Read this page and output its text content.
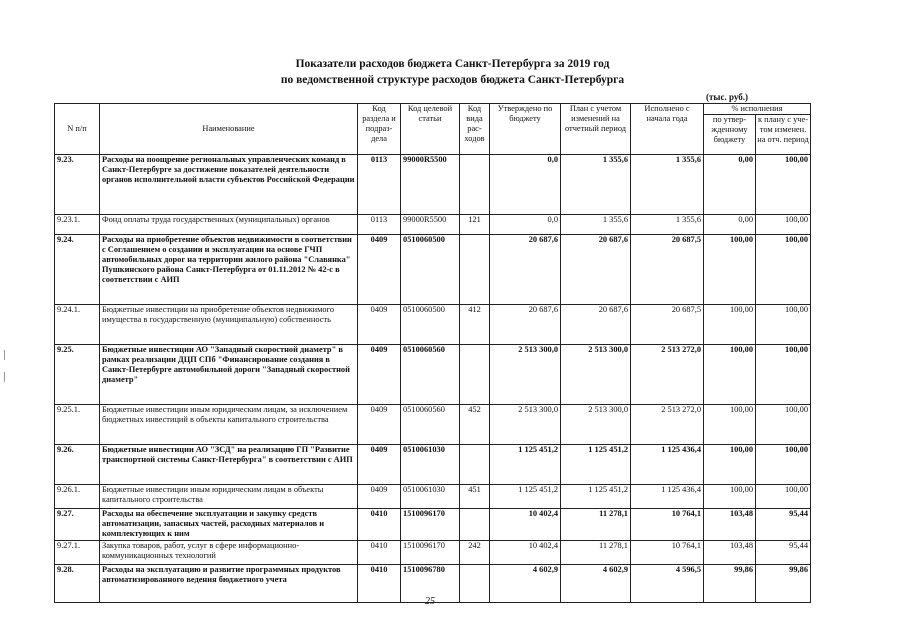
Показатели расходов бюджета Санкт-Петербурга за 2019 год
по ведомственной структуре расходов бюджета Санкт-Петербурга
(тыс. руб.)
N п/п	Наименование	Код раздела и подраз- дела	Код целевой статьи	Код вида рас- ходов	Утверждено по бюджету	План с учетом изменений на отчетный период	Исполнено с начала года	% исполнения	
								по утвер- жденному бюджету	к плану с уче- том изменен. на отч. период
9.23.	Расходы на поощрение региональных управленческих команд в Санкт-Петербурге за достижение показателей деятельности органов исполнительной власти субъектов Российской Федерации	0113	99000R5500		0,0	1 355,6	1 355,6	0,00	100,00
9.23.1.	Фонд оплаты труда государственных (муниципальных) органов	0113	99000R5500	121	0,0	1 355,6	1 355,6	0,00	100,00
9.24.	Расходы на приобретение объектов недвижимости в соответствии с Соглашением о создании и эксплуатации на основе ГЧП автомобильных дорог на территории жилого района "Славянка" Пушкинского района Санкт-Петербурга от 01.11.2012 № 42-с в соответствии с АИП	0409	0510060500		20 687,6	20 687,6	20 687,5	100,00	100,00
9.24.1.	Бюджетные инвестиции на приобретение объектов недвижимого имущества в государственную (муниципальную) собственность	0409	0510060500	412	20 687,6	20 687,6	20 687,5	100,00	100,00
9.25.	Бюджетные инвестиции АО "Западный скоростной диаметр" в рамках реализации ДЦП СПб "Финансирование создания в Санкт-Петербурге автомобильной дороги "Западный скоростной диаметр"	0409	0510060560		2 513 300,0	2 513 300,0	2 513 272,0	100,00	100,00
9.25.1.	Бюджетные инвестиции иным юридическим лицам, за исключением бюджетных инвестиций в объекты капитального строительства	0409	0510060560	452	2 513 300,0	2 513 300,0	2 513 272,0	100,00	100,00
9.26.	Бюджетные инвестиции АО "ЗСД" на реализацию ГП "Развитие транспортной системы Санкт-Петербурга" в соответствии с АИП	0409	0510061030		1 125 451,2	1 125 451,2	1 125 436,4	100,00	100,00
9.26.1.	Бюджетные инвестиции иным юридическим лицам в объекты капитального строительства	0409	0510061030	451	1 125 451,2	1 125 451,2	1 125 436,4	100,00	100,00
9.27.	Расходы на обеспечение эксплуатации и закупку средств автоматизации, запасных частей, расходных материалов и комплектующих к ним	0410	1510096170		10 402,4	11 278,1	10 764,1	103,48	95,44
9.27.1.	Закупка товаров, работ, услуг в сфере информационно-коммуникационных технологий	0410	1510096170	242	10 402,4	11 278,1	10 764,1	103,48	95,44
9.28.	Расходы на эксплуатацию и развитие программных продуктов автоматизированного ведения бюджетного учета	0410	1510096780		4 602,9	4 602,9	4 596,5	99,86	99,86
25
